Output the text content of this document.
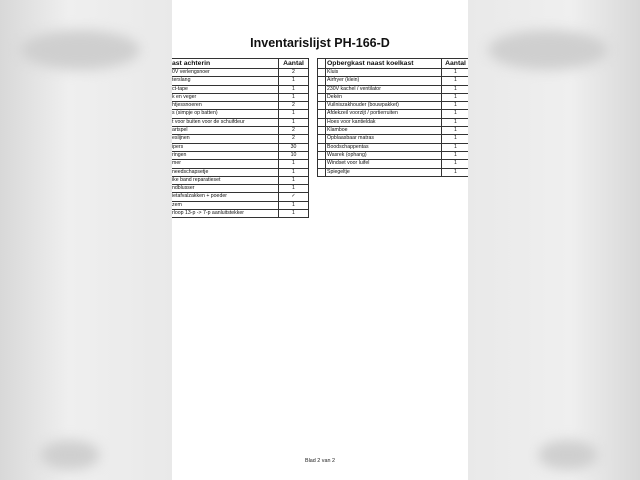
Inventarislijst PH-166-D
ast achterin	Aantal
0V verlengsnoer	2
terslang	1
ct-tape	1
k en veger	1
htjessnoeren	2
s (simpje op batten)	1
t voor buiten voor de schuifdeur	1
artspel	2
eslijnen	2
ipers	30
ringen	10
mer	1
needschapsetje	1
ike band reparatieset	1
ndblusser	1
ietafvalzakken + poeder	✓
zem	1
rloop 13-p -> 7-p aanluitstekker	1
	Opbergkast naast koelkast	Aantal
	Kluis	1
	Airfryer (klein)	1
	230V kachel / ventilator	1
	Dekén	1
	Vuilniszakhouder (bouwpakket)	1
	Afdekzeil voorzijt / portierruiten	1
	Hoes voor kantieldak	1
	Klamboe	1
	Opblaasbaar matras	1
	Boodschappentas	1
	Wasrek (ophang)	1
	Windset voor luifel	1
	Spiegeltje	1
Blad 2 van 2
